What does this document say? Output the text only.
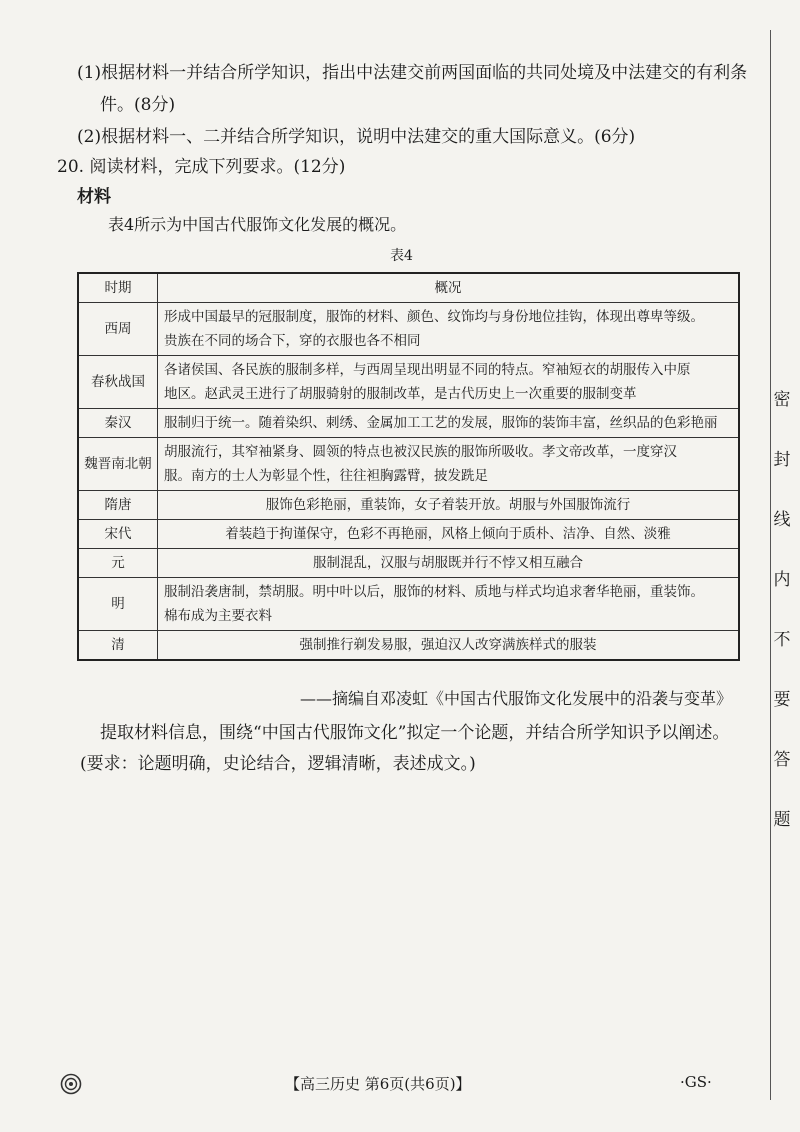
(1)根据材料一并结合所学知识，指出中法建交前两国面临的共同处境及中法建交的有利条
件。(8分)
(2)根据材料一、二并结合所学知识，说明中法建交的重大国际意义。(6分)
20. 阅读材料，完成下列要求。(12分)
材料
表4所示为中国古代服饰文化发展的概况。
表4
时期	概况
西周	形成中国最早的冠服制度，服饰的材料、颜色、纹饰均与身份地位挂钩，体现出尊卑等级。
贵族在不同的场合下，穿的衣服也各不相同

春秋战国	各诸侯国、各民族的服制多样，与西周呈现出明显不同的特点。窄袖短衣的胡服传入中原
地区。赵武灵王进行了胡服骑射的服制改革，是古代历史上一次重要的服制变革

秦汉	服制归于统一。随着染织、刺绣、金属加工工艺的发展，服饰的装饰丰富，丝织品的色彩艳丽

魏晋南北朝	胡服流行，其窄袖紧身、圆领的特点也被汉民族的服饰所吸收。孝文帝改革，一度穿汉
服。南方的士人为彰显个性，往往袒胸露臂，披发跣足

隋唐	服饰色彩艳丽，重装饰，女子着装开放。胡服与外国服饰流行

宋代	着装趋于拘谨保守，色彩不再艳丽，风格上倾向于质朴、洁净、自然、淡雅

元	服制混乱，汉服与胡服既并行不悖又相互融合

明	服制沿袭唐制，禁胡服。明中叶以后，服饰的材料、质地与样式均追求奢华艳丽，重装饰。
棉布成为主要衣料

清	强制推行剃发易服，强迫汉人改穿满族样式的服装
——摘编自邓凌虹《中国古代服饰文化发展中的沿袭与变革》
提取材料信息，围绕“中国古代服饰文化”拟定一个论题，并结合所学知识予以阐述。
(要求：论题明确，史论结合，逻辑清晰，表述成文。)
密封线内不要答题
【高三历史 第6页(共6页)】	·GS·
